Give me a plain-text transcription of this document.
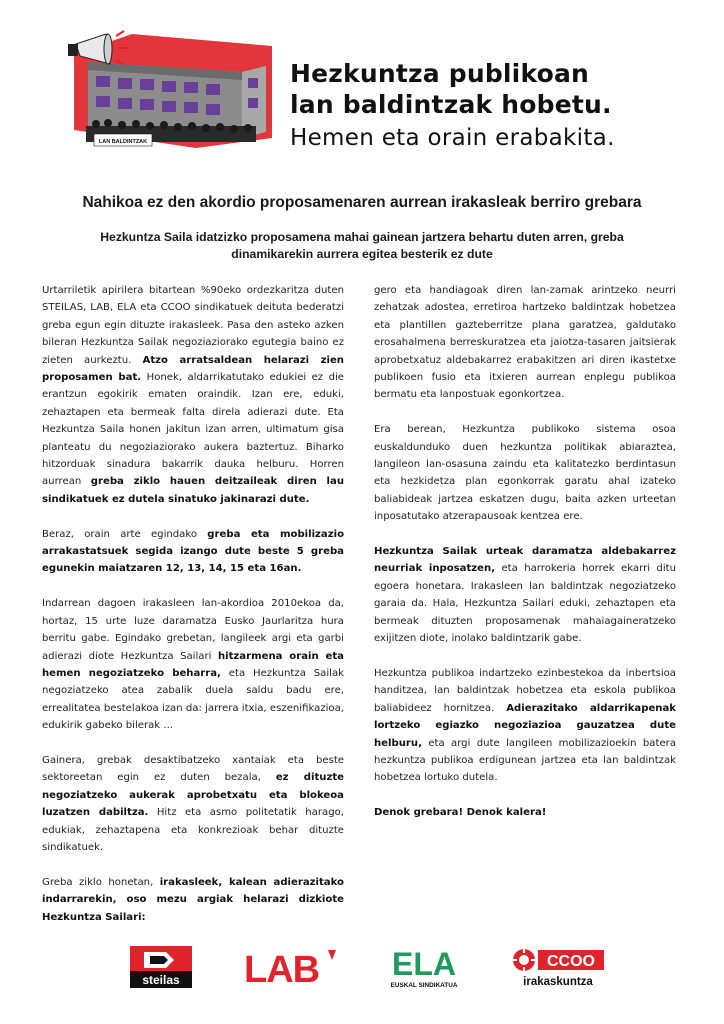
LAN BALDINTZAK
Hezkuntza publikoan
lan baldintzak hobetu.
Hemen eta orain erabakita.
Nahikoa ez den akordio proposamenaren aurrean irakasleak berriro grebara
Hezkuntza Saila idatzizko proposamena mahai gainean jartzera behartu duten arren, greba dinamikarekin aurrera egitea besterik ez dute

Urtarriletik apirilera bitartean %90eko ordezkaritza duten STEILAS, LAB, ELA eta CCOO sindikatuek deituta bederatzi greba egun egin dituzte irakasleek. Pasa den asteko azken bileran Hezkuntza Sailak negoziaziorako egutegia baino ez zieten aurkeztu. Atzo arratsaldean helarazi zien proposamen bat. Honek, aldarrikatutako edukiei ez die erantzun egokirik ematen oraindik. Izan ere, eduki, zehaztapen eta bermeak falta direla adierazi dute. Eta Hezkuntza Saila honen jakitun izan arren, ultimatum gisa planteatu du negoziaziorako aukera baztertuz. Biharko hitzorduak sinadura bakarrik dauka helburu. Horren aurrean greba ziklo hauen deitzaileak diren lau sindikatuek ez dutela sinatuko jakinarazi dute.

Beraz, orain arte egindako greba eta mobilizazio arrakastatsuek segida izango dute beste 5 greba egunekin maiatzaren 12, 13, 14, 15 eta 16an.

Indarrean dagoen irakasleen lan-akordioa 2010ekoa da, hortaz, 15 urte luze daramatza Eusko Jaurlaritza hura berritu gabe. Egindako grebetan, langileek argi eta garbi adierazi diote Hezkuntza Sailari hitzarmena orain eta hemen negoziatzeko beharra, eta Hezkuntza Sailak negoziatzeko atea zabalik duela saldu badu ere, errealitatea bestelakoa izan da: jarrera itxia, eszenifikazioa, edukirik gabeko bilerak ...

Gainera, grebak desaktibatzeko xantaiak eta beste sektoreetan egin ez duten bezala, ez dituzte negoziatzeko aukerak aprobetxatu eta blokeoa luzatzen dabiltza. Hitz eta asmo politetatik harago, edukiak, zehaztapena eta konkrezioak behar dituzte sindikatuek.

Greba ziklo honetan, irakasleek, kalean adierazitako indarrarekin, oso mezu argiak helarazi dizkiote Hezkuntza Sailari:

gero eta handiagoak diren lan-zamak arintzeko neurri zehatzak adostea, erretiroa hartzeko baldintzak hobetzea eta plantillen gazteberritze plana garatzea, galdutako erosahalmena berreskuratzea eta jaiotza-tasaren jaitsierak aprobetxatuz aldebakarrez erabakitzen ari diren ikastetxe publikoen fusio eta itxieren aurrean enplegu publikoa bermatu eta lanpostuak egonkortzea.

Era berean, Hezkuntza publikoko sistema osoa euskaldunduko duen hezkuntza politikak abiaraztea, langileon lan-osasuna zaindu eta kalitatezko berdintasun eta hezkidetza plan egonkorrak garatu ahal izateko baliabideak jartzea eskatzen dugu, baita azken urteetan inposatutako atzerapausoak kentzea ere.

Hezkuntza Sailak urteak daramatza aldebakarrez neurriak inposatzen, eta harrokeria horrek ekarri ditu egoera honetara. Irakasleen lan baldintzak negoziatzeko garaia da. Hala, Hezkuntza Sailari eduki, zehaztapen eta bermeak dituzten proposamenak mahaiagaineratzeko exijitzen diote, inolako baldintzarik gabe.

Hezkuntza publikoa indartzeko ezinbestekoa da inbertsioa handitzea, lan baldintzak hobetzea eta eskola publikoa baliabideez hornitzea. Adierazitako aldarrikapenak lortzeko egiazko negoziazioa gauzatzea dute helburu, eta argi dute langileen mobilizazioekin batera hezkuntza publikoa erdigunean jartzea eta lan baldintzak hobetzea lortuko dutela.

Denok grebara! Denok kalera!

steilas LAB ELA
EUSKAL SINDIKATUA
CCOO
irakaskuntza
